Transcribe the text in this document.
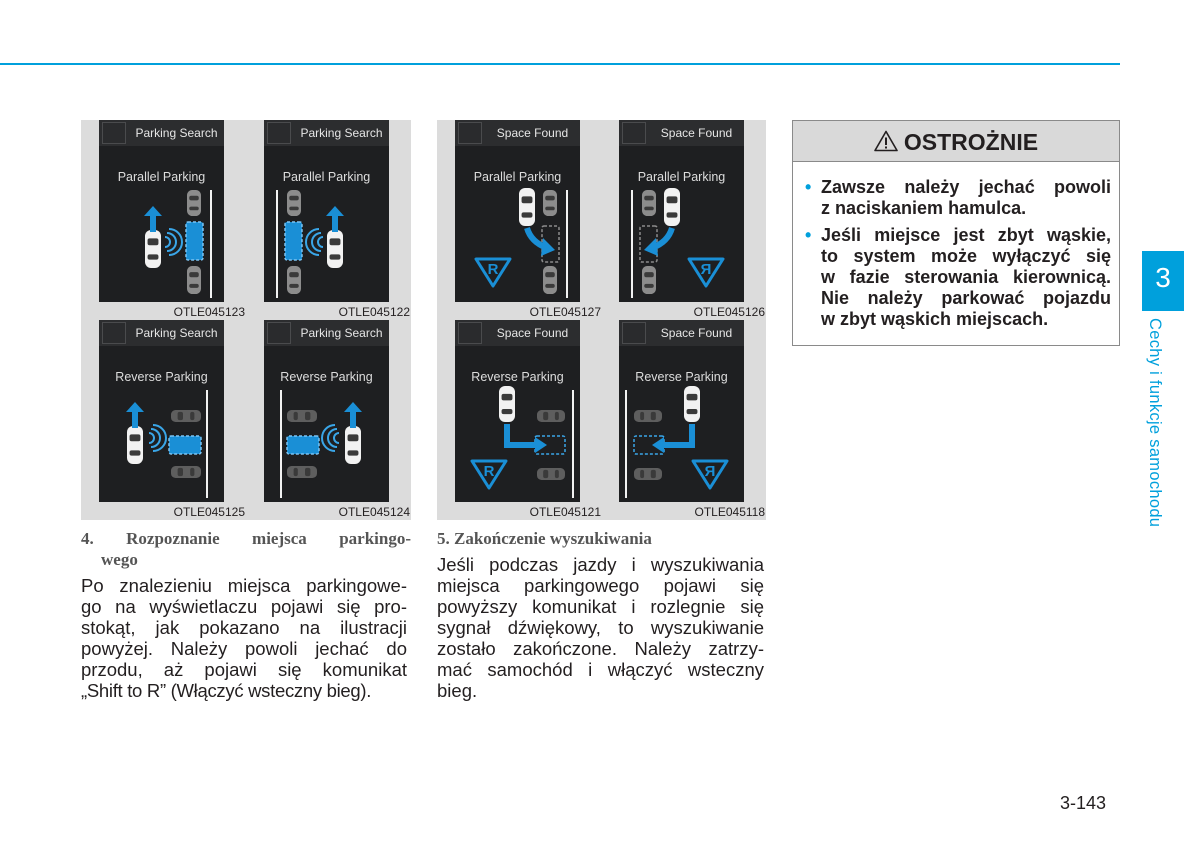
Parking Search
Parallel Parking
OTLE045123
Parking Search
Parallel Parking
OTLE045122
Parking Search
Reverse Parking
OTLE045125
Parking Search
Reverse Parking
OTLE045124
Space Found
Parallel Parking
R
OTLE045127
Space Found
Parallel Parking
R
OTLE045126
Space Found
Reverse Parking
R
OTLE045121
Space Found
Reverse Parking
R
OTLE045118
4. Rozpoznanie miejsca parkingo-
wego
Po znalezieniu miejsca parkingowe-
go na wyświetlaczu pojawi się pro-
stokąt, jak pokazano na ilustracji
powyżej. Należy powoli jechać do
przodu, aż pojawi się komunikat
„Shift to R” (Włączyć wsteczny bieg).
5. Zakończenie wyszukiwania
Jeśli podczas jazdy i wyszukiwania
miejsca parkingowego pojawi się
powyższy komunikat i rozlegnie się
sygnał dźwiękowy, to wyszukiwanie
zostało zakończone. Należy zatrzy-
mać samochód i włączyć wsteczny
bieg.
OSTROŻNIE
• Zawsze należy jechać powoli
z naciskaniem hamulca.
• Jeśli miejsce jest zbyt wąskie,
to system może wyłączyć się
w fazie sterowania kierownicą.
Nie należy parkować pojazdu
w zbyt wąskich miejscach.
3
Cechy i funkcje samochodu
3-143
